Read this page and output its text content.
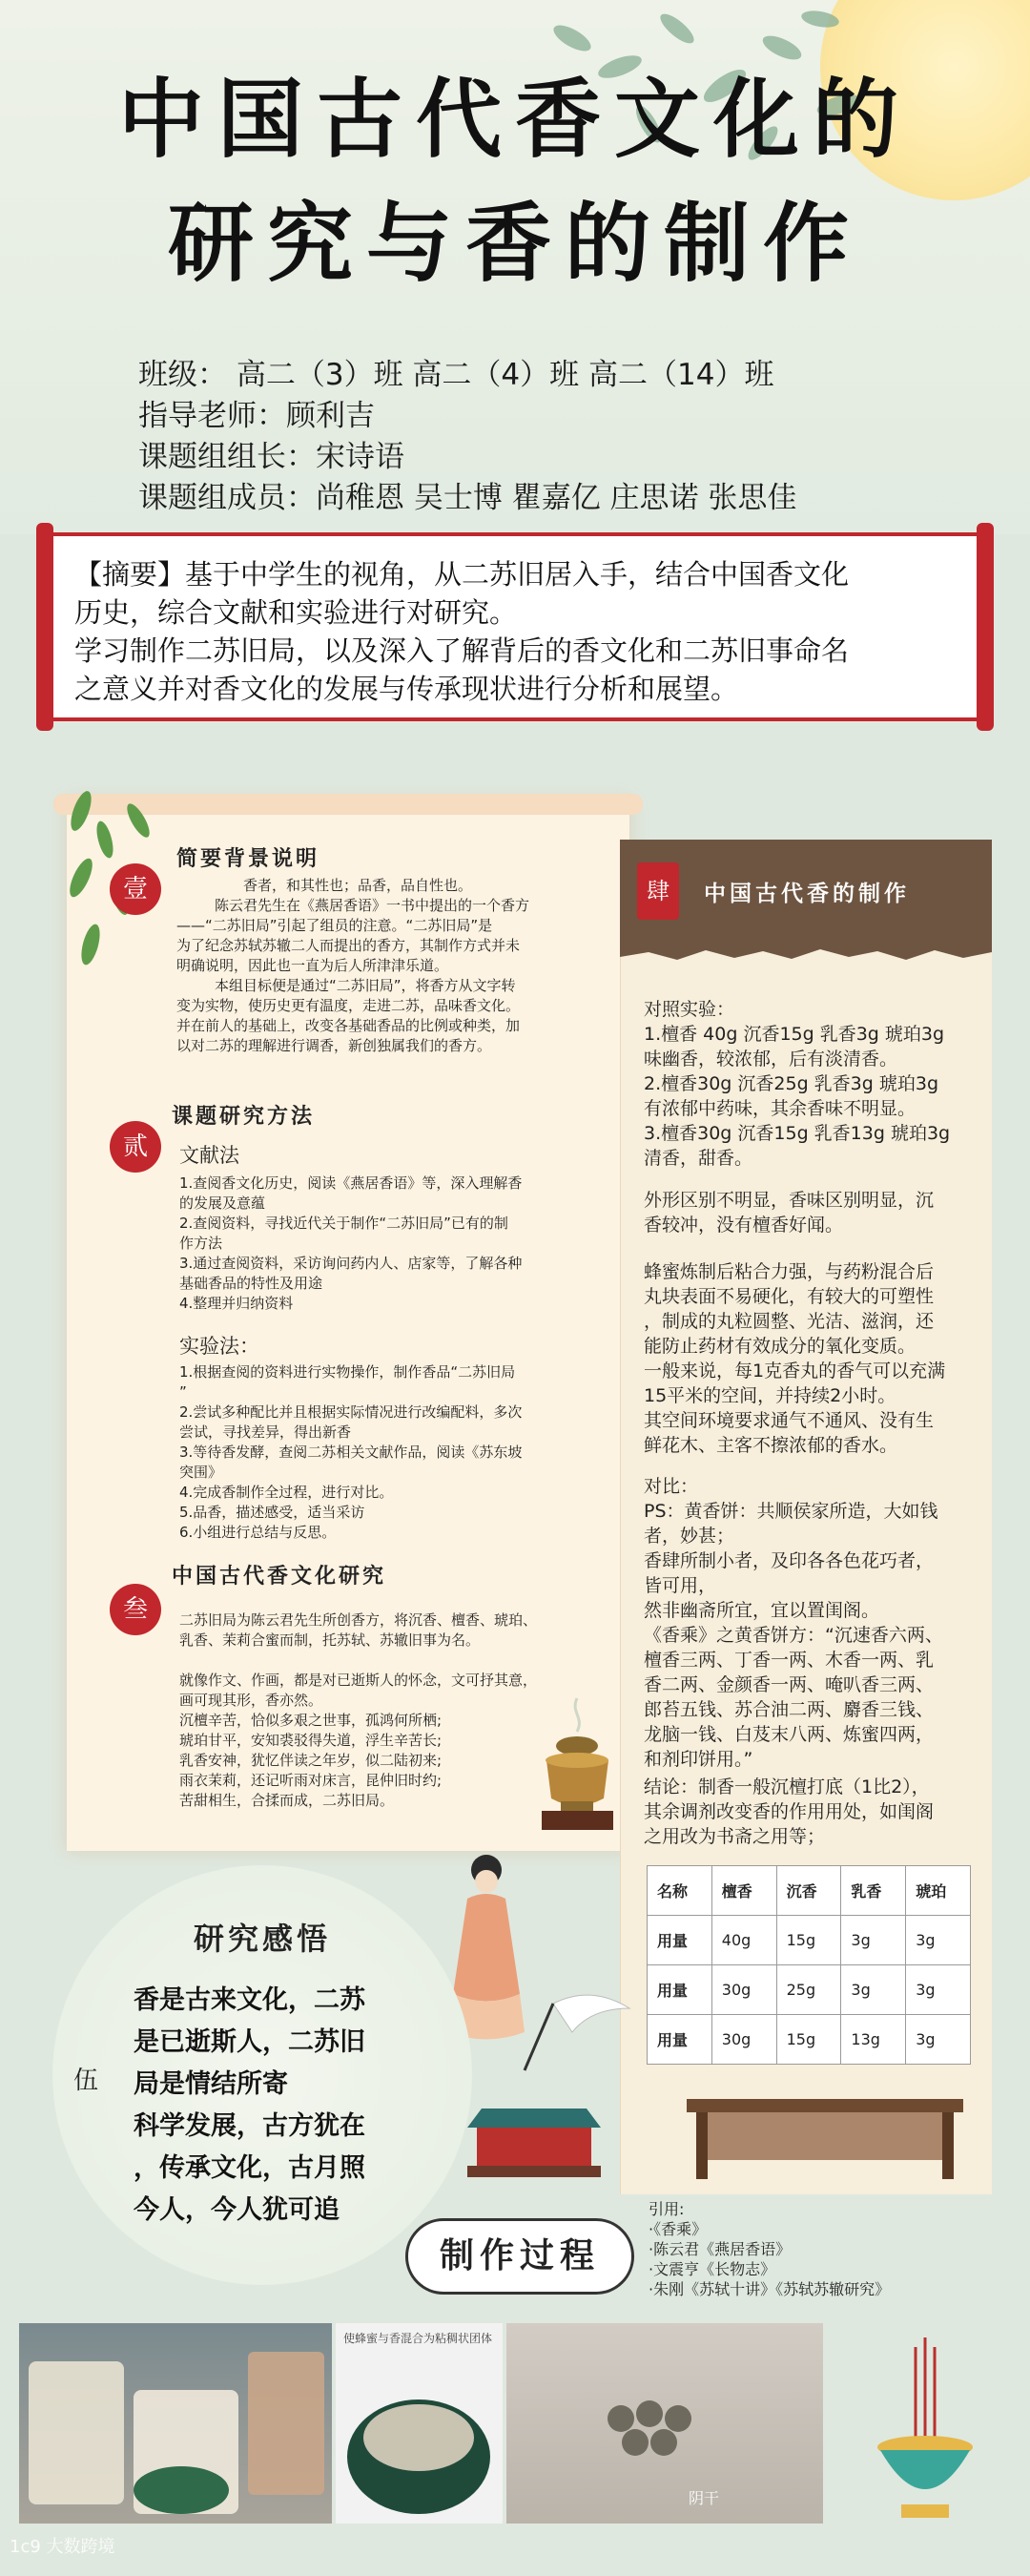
中国古代香文化的
研究与香的制作
班级： 高二（3）班 高二（4）班 高二（14）班
指导老师：顾利吉
课题组组长：宋诗语
课题组成员：尚稚恩 吴士博 瞿嘉亿 庄思诺 张思佳

【摘要】基于中学生的视角，从二苏旧居入手，结合中国香文化
历史，综合文献和实验进行对研究。
学习制作二苏旧局，以及深入了解背后的香文化和二苏旧事命名
之意义并对香文化的发展与传承现状进行分析和展望。

壹
简要背景说明
香者，和其性也；品香，品自性也。
陈云君先生在《燕居香语》一书中提出的一个香方
——“二苏旧局”引起了组员的注意。“二苏旧局”是
为了纪念苏轼苏辙二人而提出的香方，其制作方式并未
明确说明，因此也一直为后人所津津乐道。
本组目标便是通过“二苏旧局”，将香方从文字转
变为实物，使历史更有温度，走进二苏，品味香文化。
并在前人的基础上，改变各基础香品的比例或种类，加
以对二苏的理解进行调香，新创独属我们的香方。
贰
课题研究方法
文献法
1.查阅香文化历史，阅读《燕居香语》等，深入理解香
的发展及意蕴
2.查阅资料，寻找近代关于制作“二苏旧局”已有的制
作方法
3.通过查阅资料，采访询问药内人、店家等，了解各种
基础香品的特性及用途
4.整理并归纳资料
实验法：
1.根据查阅的资料进行实物操作，制作香品“二苏旧局
”
2.尝试多种配比并且根据实际情况进行改编配料，多次
尝试，寻找差异，得出新香
3.等待香发酵，查阅二苏相关文献作品，阅读《苏东坡
突围》
4.完成香制作全过程，进行对比。
5.品香，描述感受，适当采访
6.小组进行总结与反思。
叁
中国古代香文化研究
二苏旧局为陈云君先生所创香方，将沉香、檀香、琥珀、
乳香、茉莉合蜜而制，托苏轼、苏辙旧事为名。
就像作文、作画，都是对已逝斯人的怀念，文可抒其意，
画可现其形，香亦然。
沉檀辛苦，恰似多艰之世事，孤鸿何所栖;
琥珀甘平，安知裘驳得失道，浮生辛苦长;
乳香安神，犹忆伴读之年岁，似二陆初来;
雨衣茉莉，还记听雨对床言，昆仲旧时约;
苦甜相生，合揉而成，二苏旧局。
肆	中国古代香的制作
对照实验：
1.檀香 40g 沉香15g 乳香3g 琥珀3g
味幽香，较浓郁，后有淡清香。
2.檀香30g 沉香25g 乳香3g 琥珀3g
有浓郁中药味，其余香味不明显。
3.檀香30g 沉香15g 乳香13g 琥珀3g
清香，甜香。
外形区别不明显，香味区别明显，沉
香较冲，没有檀香好闻。
蜂蜜炼制后粘合力强，与药粉混合后
丸块表面不易硬化，有较大的可塑性
，制成的丸粒圆整、光洁、滋润，还
能防止药材有效成分的氧化变质。
一般来说，每1克香丸的香气可以充满
15平米的空间，并持续2小时。
其空间环境要求通气不通风、没有生
鲜花木、主客不擦浓郁的香水。
对比：
PS：黄香饼：共顺侯家所造，大如钱
者，妙甚；
香肆所制小者，及印各各色花巧者，
皆可用，
然非幽斋所宜，宜以置闺阁。
《香乘》之黄香饼方：“沉速香六两、
檀香三两、丁香一两、木香一两、乳
香二两、金颜香一两、唵叭香三两、
郎苔五钱、苏合油二两、麝香三钱、
龙脑一钱、白芨末八两、炼蜜四两，
和剂印饼用。”
结论：制香一般沉檀打底（1比2），
其余调剂改变香的作用用处，如闺阁
之用改为书斋之用等；
名称	檀香	沉香	乳香	琥珀
用量	40g	15g	3g	3g
用量	30g	25g	3g	3g
用量	30g	15g	13g	3g
研究感悟
伍
香是古来文化，二苏
是已逝斯人，二苏旧
局是情结所寄
科学发展，古方犹在
，传承文化，古月照
今人，今人犹可追
制作过程
引用:
·《香乘》
·陈云君《燕居香语》
·文震亨《长物志》
·朱刚《苏轼十讲》《苏轼苏辙研究》
使蜂蜜与香混合为粘稠状团体
阴干
1c9 大数跨境
